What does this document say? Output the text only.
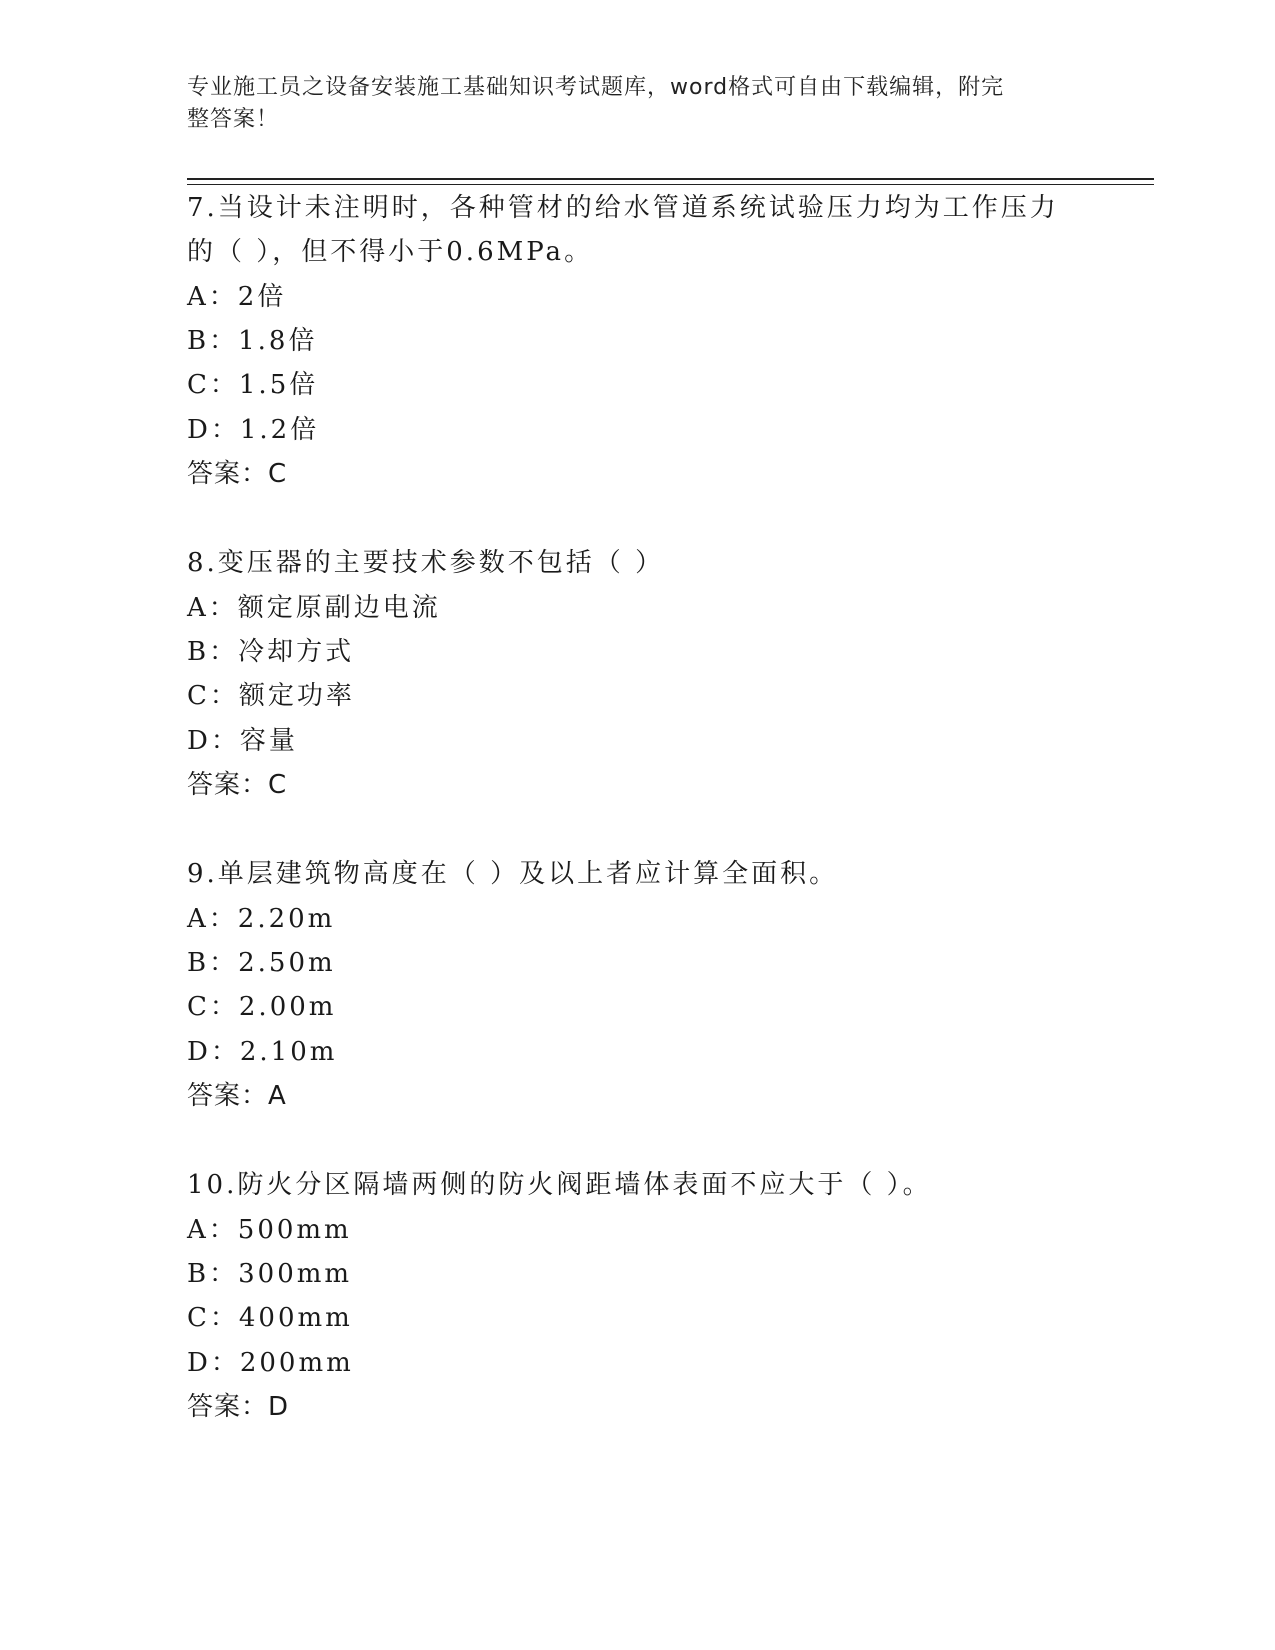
专业施工员之设备安装施工基础知识考试题库，word格式可自由下载编辑，附完
整答案！
7.当设计未注明时，各种管材的给水管道系统试验压力均为工作压力
的（ ），但不得小于0.6MPa。
A：2倍
B：1.8倍
C：1.5倍
D：1.2倍
答案：C
8.变压器的主要技术参数不包括（ ）
A：额定原副边电流
B：冷却方式
C：额定功率
D：容量
答案：C
9.单层建筑物高度在（ ）及以上者应计算全面积。
A：2.20m
B：2.50m
C：2.00m
D：2.10m
答案：A
10.防火分区隔墙两侧的防火阀距墙体表面不应大于（ ）。
A：500mm
B：300mm
C：400mm
D：200mm
答案：D
